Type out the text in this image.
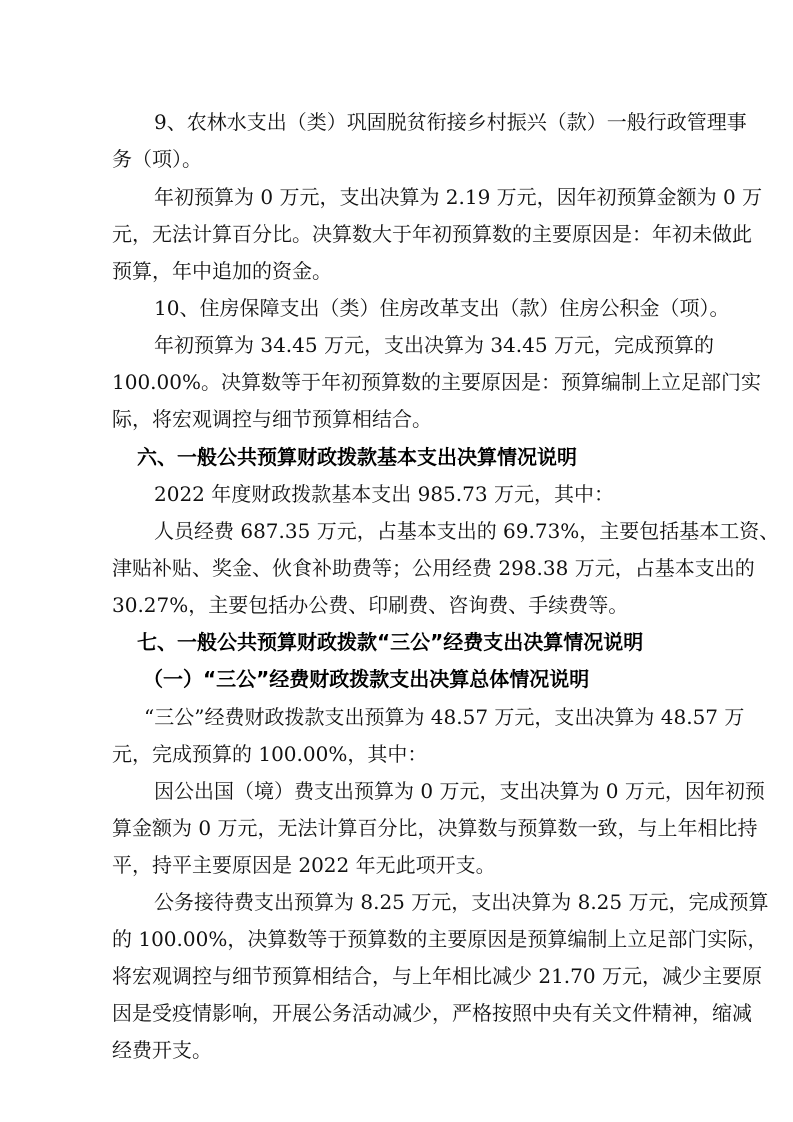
9、农林水支出（类）巩固脱贫衔接乡村振兴（款）一般行政管理事
务（项）。
年初预算为 0 万元，支出决算为 2.19 万元，因年初预算金额为 0 万
元，无法计算百分比。决算数大于年初预算数的主要原因是：年初未做此
预算，年中追加的资金。
10、住房保障支出（类）住房改革支出（款）住房公积金（项）。
年初预算为 34.45 万元，支出决算为 34.45 万元，完成预算的
100.00%。决算数等于年初预算数的主要原因是：预算编制上立足部门实
际，将宏观调控与细节预算相结合。
六、一般公共预算财政拨款基本支出决算情况说明
2022 年度财政拨款基本支出 985.73 万元，其中：
人员经费 687.35 万元，占基本支出的 69.73%，主要包括基本工资、
津贴补贴、奖金、伙食补助费等；公用经费 298.38 万元，占基本支出的
30.27%，主要包括办公费、印刷费、咨询费、手续费等。
七、一般公共预算财政拨款“三公”经费支出决算情况说明
（一）“三公”经费财政拨款支出决算总体情况说明
“三公”经费财政拨款支出预算为 48.57 万元，支出决算为 48.57 万
元，完成预算的 100.00%，其中：
因公出国（境）费支出预算为 0 万元，支出决算为 0 万元，因年初预
算金额为 0 万元，无法计算百分比，决算数与预算数一致，与上年相比持
平，持平主要原因是 2022 年无此项开支。
公务接待费支出预算为 8.25 万元，支出决算为 8.25 万元，完成预算
的 100.00%，决算数等于预算数的主要原因是预算编制上立足部门实际，
将宏观调控与细节预算相结合，与上年相比减少 21.70 万元，减少主要原
因是受疫情影响，开展公务活动减少，严格按照中央有关文件精神，缩减
经费开支。
